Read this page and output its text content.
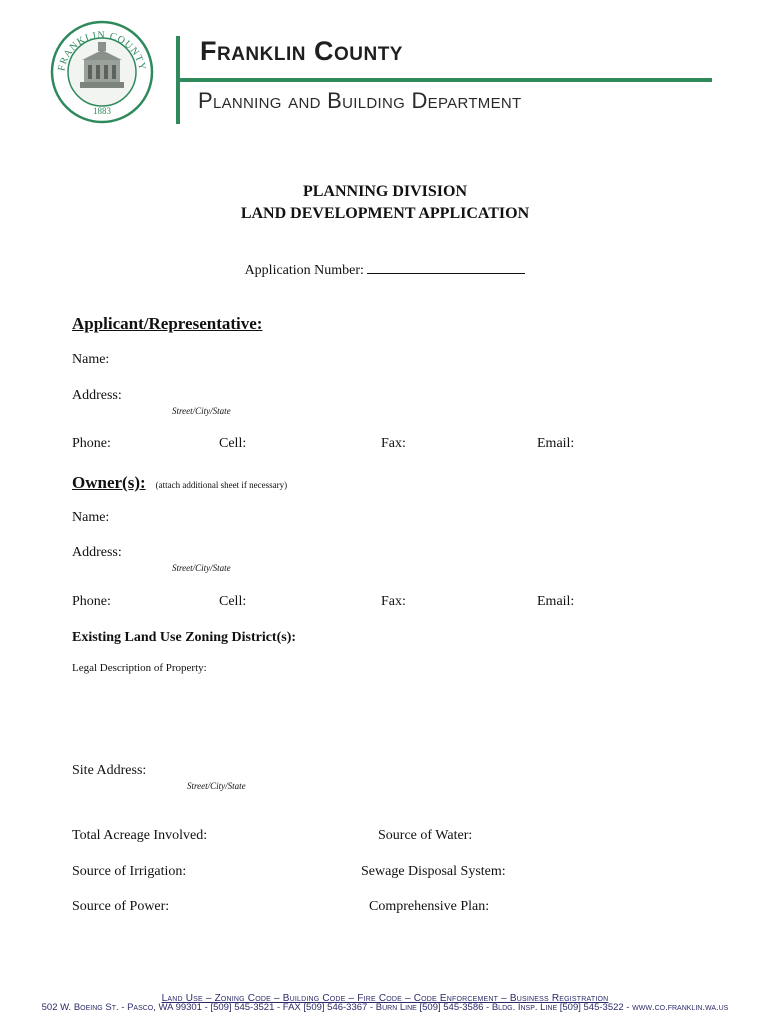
FRANKLIN COUNTY
1883
Franklin County
Planning and Building Department
PLANNING DIVISION
LAND DEVELOPMENT APPLICATION
Application Number:
Applicant/Representative:
Name:
Address:
Street/City/State
Phone:	Cell:	Fax:	Email:
Owner(s): (attach additional sheet if necessary)
Name:
Address:
Street/City/State
Phone:	Cell:	Fax:	Email:
Existing Land Use Zoning District(s):
Legal Description of Property:
Site Address:
Street/City/State
Total Acreage Involved:	Source of Water:
Source of Irrigation:	Sewage Disposal System:
Source of Power:	Comprehensive Plan:
Land Use – Zoning Code – Building Code – Fire Code – Code Enforcement – Business Registration
502 W. Boeing St. - Pasco, WA 99301 - [509] 545-3521 - FAX [509] 546-3367 - Burn Line [509] 545-3586 - Bldg. Insp. Line [509] 545-3522 - www.co.franklin.wa.us
